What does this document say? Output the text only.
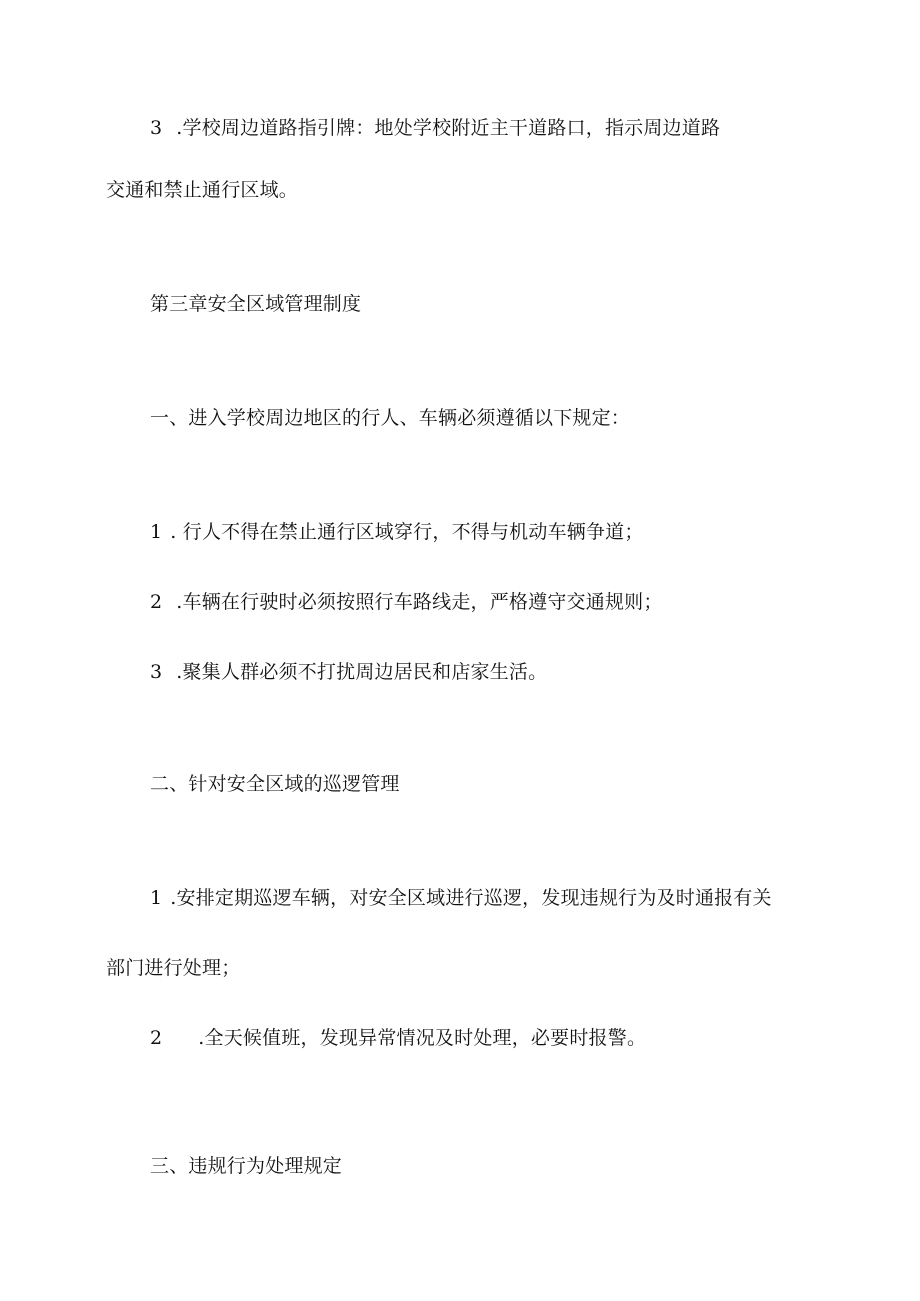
3 .学校周边道路指引牌：地处学校附近主干道路口，指示周边道路
交通和禁止通行区域。
第三章安全区域管理制度
一、进入学校周边地区的行人、车辆必须遵循以下规定：
1 . 行人不得在禁止通行区域穿行，不得与机动车辆争道；
2 .车辆在行驶时必须按照行车路线走，严格遵守交通规则；
3 .聚集人群必须不打扰周边居民和店家生活。
二、针对安全区域的巡逻管理
1 .安排定期巡逻车辆，对安全区域进行巡逻，发现违规行为及时通报有关
部门进行处理；
2 .全天候值班，发现异常情况及时处理，必要时报警。
三、违规行为处理规定
